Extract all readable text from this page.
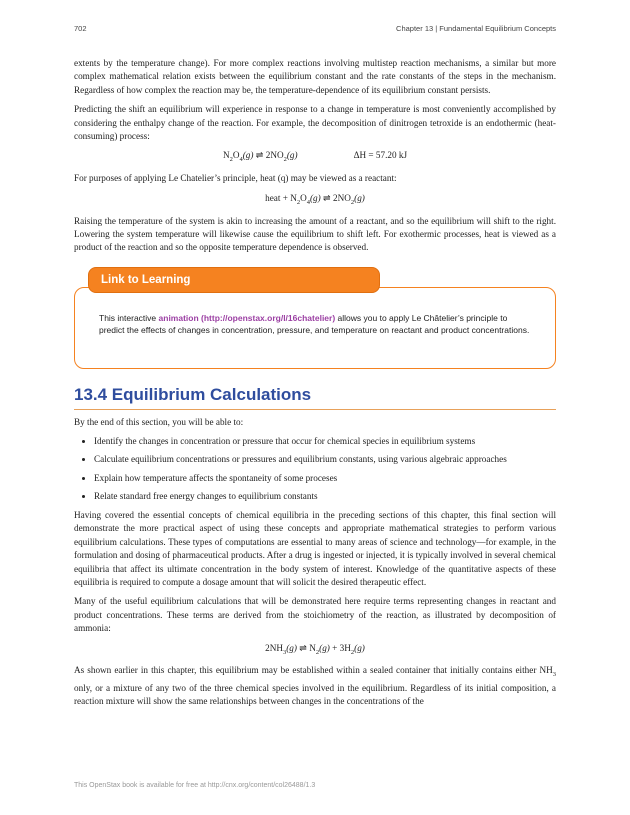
702	Chapter 13 | Fundamental Equilibrium Concepts

extents by the temperature change). For more complex reactions involving multistep reaction mechanisms, a similar but more complex mathematical relation exists between the equilibrium constant and the rate constants of the steps in the mechanism. Regardless of how complex the reaction may be, the temperature-dependence of its equilibrium constant persists.

Predicting the shift an equilibrium will experience in response to a change in temperature is most conveniently accomplished by considering the enthalpy change of the reaction. For example, the decomposition of dinitrogen tetroxide is an endothermic (heat-consuming) process:

$N_2O_4(g)$ ⇌ $2NO_2(g)$	ΔH = 57.20 kJ

For purposes of applying Le Chatelier’s principle, heat (q) may be viewed as a reactant:

heat + $N_2O_4(g)$ ⇌ $2NO_2(g)$

Raising the temperature of the system is akin to increasing the amount of a reactant, and so the equilibrium will shift to the right. Lowering the system temperature will likewise cause the equilibrium to shift left. For exothermic processes, heat is viewed as a product of the reaction and so the opposite temperature dependence is observed.

Link to Learning
This interactive animation (http://openstax.org/l/16chatelier) allows you to apply Le Châtelier’s principle to predict the effects of changes in concentration, pressure, and temperature on reactant and product concentrations.
13.4 Equilibrium Calculations

By the end of this section, you will be able to:

• Identify the changes in concentration or pressure that occur for chemical species in equilibrium systems
• Calculate equilibrium concentrations or pressures and equilibrium constants, using various algebraic approaches
• Explain how temperature affects the spontaneity of some proceses
• Relate standard free energy changes to equilibrium constants

Having covered the essential concepts of chemical equilibria in the preceding sections of this chapter, this final section will demonstrate the more practical aspect of using these concepts and appropriate mathematical strategies to perform various equilibrium calculations. These types of computations are essential to many areas of science and technology—for example, in the formulation and dosing of pharmaceutical products. After a drug is ingested or injected, it is typically involved in several chemical equilibria that affect its ultimate concentration in the body system of interest. Knowledge of the quantitative aspects of these equilibria is required to compute a dosage amount that will solicit the desired therapeutic effect.

Many of the useful equilibrium calculations that will be demonstrated here require terms representing changes in reactant and product concentrations. These terms are derived from the stoichiometry of the reaction, as illustrated by decomposition of ammonia:

$2NH_3(g)$ ⇌ $N_2(g) + 3H_2(g)$

As shown earlier in this chapter, this equilibrium may be established within a sealed container that initially contains either $NH_3$ only, or a mixture of any two of the three chemical species involved in the equilibrium. Regardless of its initial composition, a reaction mixture will show the same relationships between changes in the concentrations of the

This OpenStax book is available for free at http://cnx.org/content/col26488/1.3
